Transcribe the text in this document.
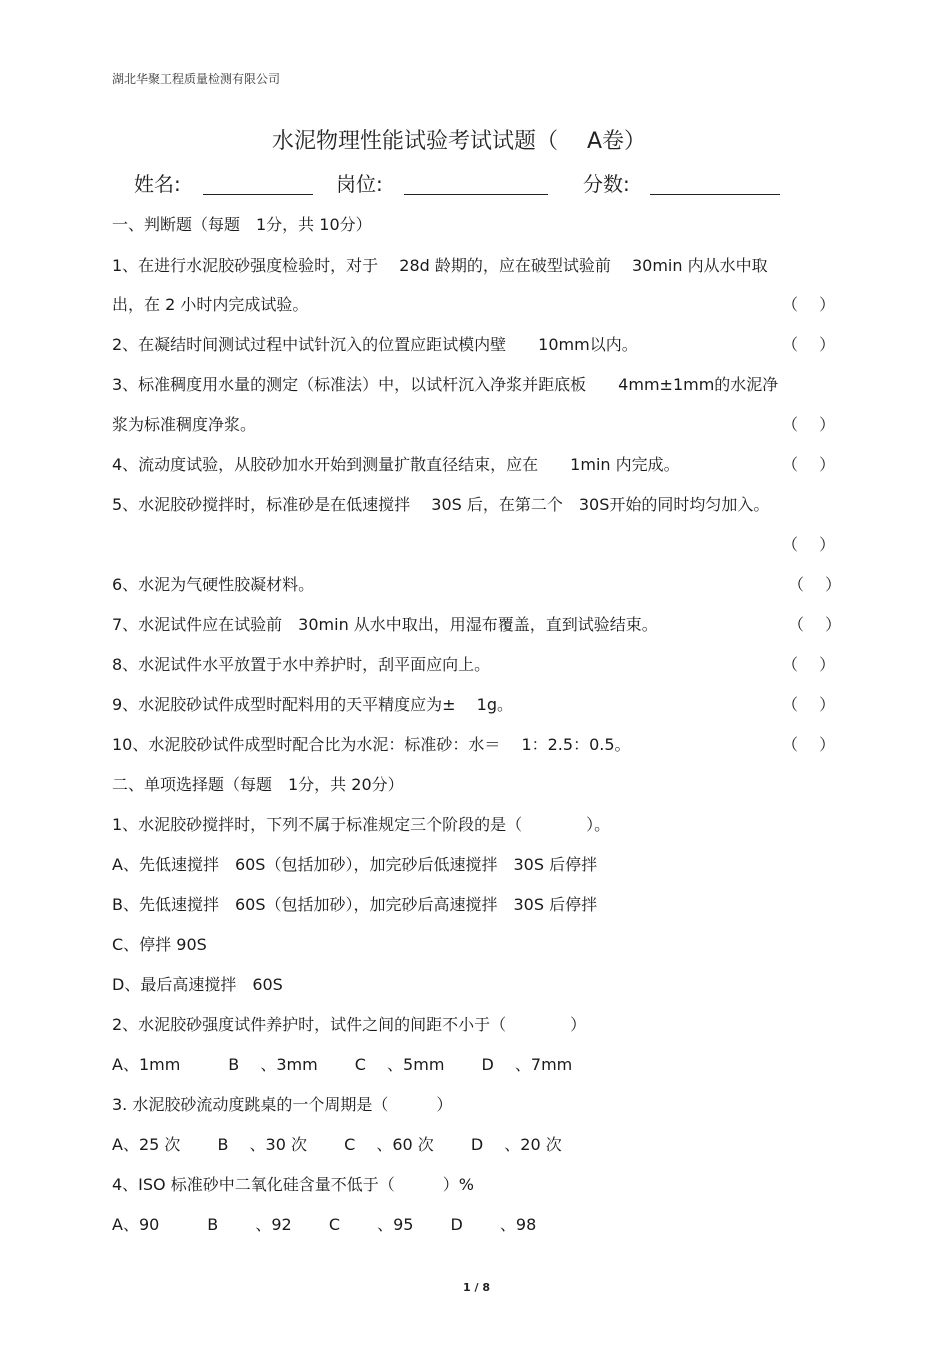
湖北华聚工程质量检测有限公司
水泥物理性能试验考试试题（　 A卷）
姓名:	岗位:	分数:
一、判断题（每题　1分，共 10分）
1、在进行水泥胶砂强度检验时，对于　 28d 龄期的，应在破型试验前　 30min 内从水中取
出，在 2 小时内完成试验。	（　 ）
2、在凝结时间测试过程中试针沉入的位置应距试模内壁　　10mm以内。	（　 ）
3、标准稠度用水量的测定（标准法）中，以试杆沉入净浆并距底板　　4mm±1mm的水泥净
浆为标准稠度净浆。	（　 ）
4、流动度试验，从胶砂加水开始到测量扩散直径结束，应在　　1min 内完成。	（　 ）
5、水泥胶砂搅拌时，标准砂是在低速搅拌　 30S 后，在第二个　30S开始的同时均匀加入。
（　 ）
6、水泥为气硬性胶凝材料。	（　 ）
7、水泥试件应在试验前　30min 从水中取出，用湿布覆盖，直到试验结束。	（　 ）
8、水泥试件水平放置于水中养护时，刮平面应向上。	（　 ）
9、水泥胶砂试件成型时配料用的天平精度应为±　 1g。	（　 ）
10、水泥胶砂试件成型时配合比为水泥：标准砂：水＝　 1：2.5：0.5。	（　 ）
二、单项选择题（每题　1分，共 20分）
1、水泥胶砂搅拌时，下列不属于标准规定三个阶段的是（　　　　）。
A、先低速搅拌　60S（包括加砂），加完砂后低速搅拌　30S 后停拌
B、先低速搅拌　60S（包括加砂），加完砂后高速搅拌　30S 后停拌
C、停拌 90S
D、最后高速搅拌　60S
2、水泥胶砂强度试件养护时，试件之间的间距不小于（　　　　）
A、1mm　　　B　 、3mm　　 C　 、5mm　　 D　 、7mm
3. 水泥胶砂流动度跳桌的一个周期是（　　　）
A、25 次　　 B　 、30 次　　 C　 、60 次　　 D　 、20 次
4、ISO 标准砂中二氧化硅含量不低于（　　　）%
A、90　　　B　　 、92　　 C　　 、95　　 D　　 、98
1 / 8
